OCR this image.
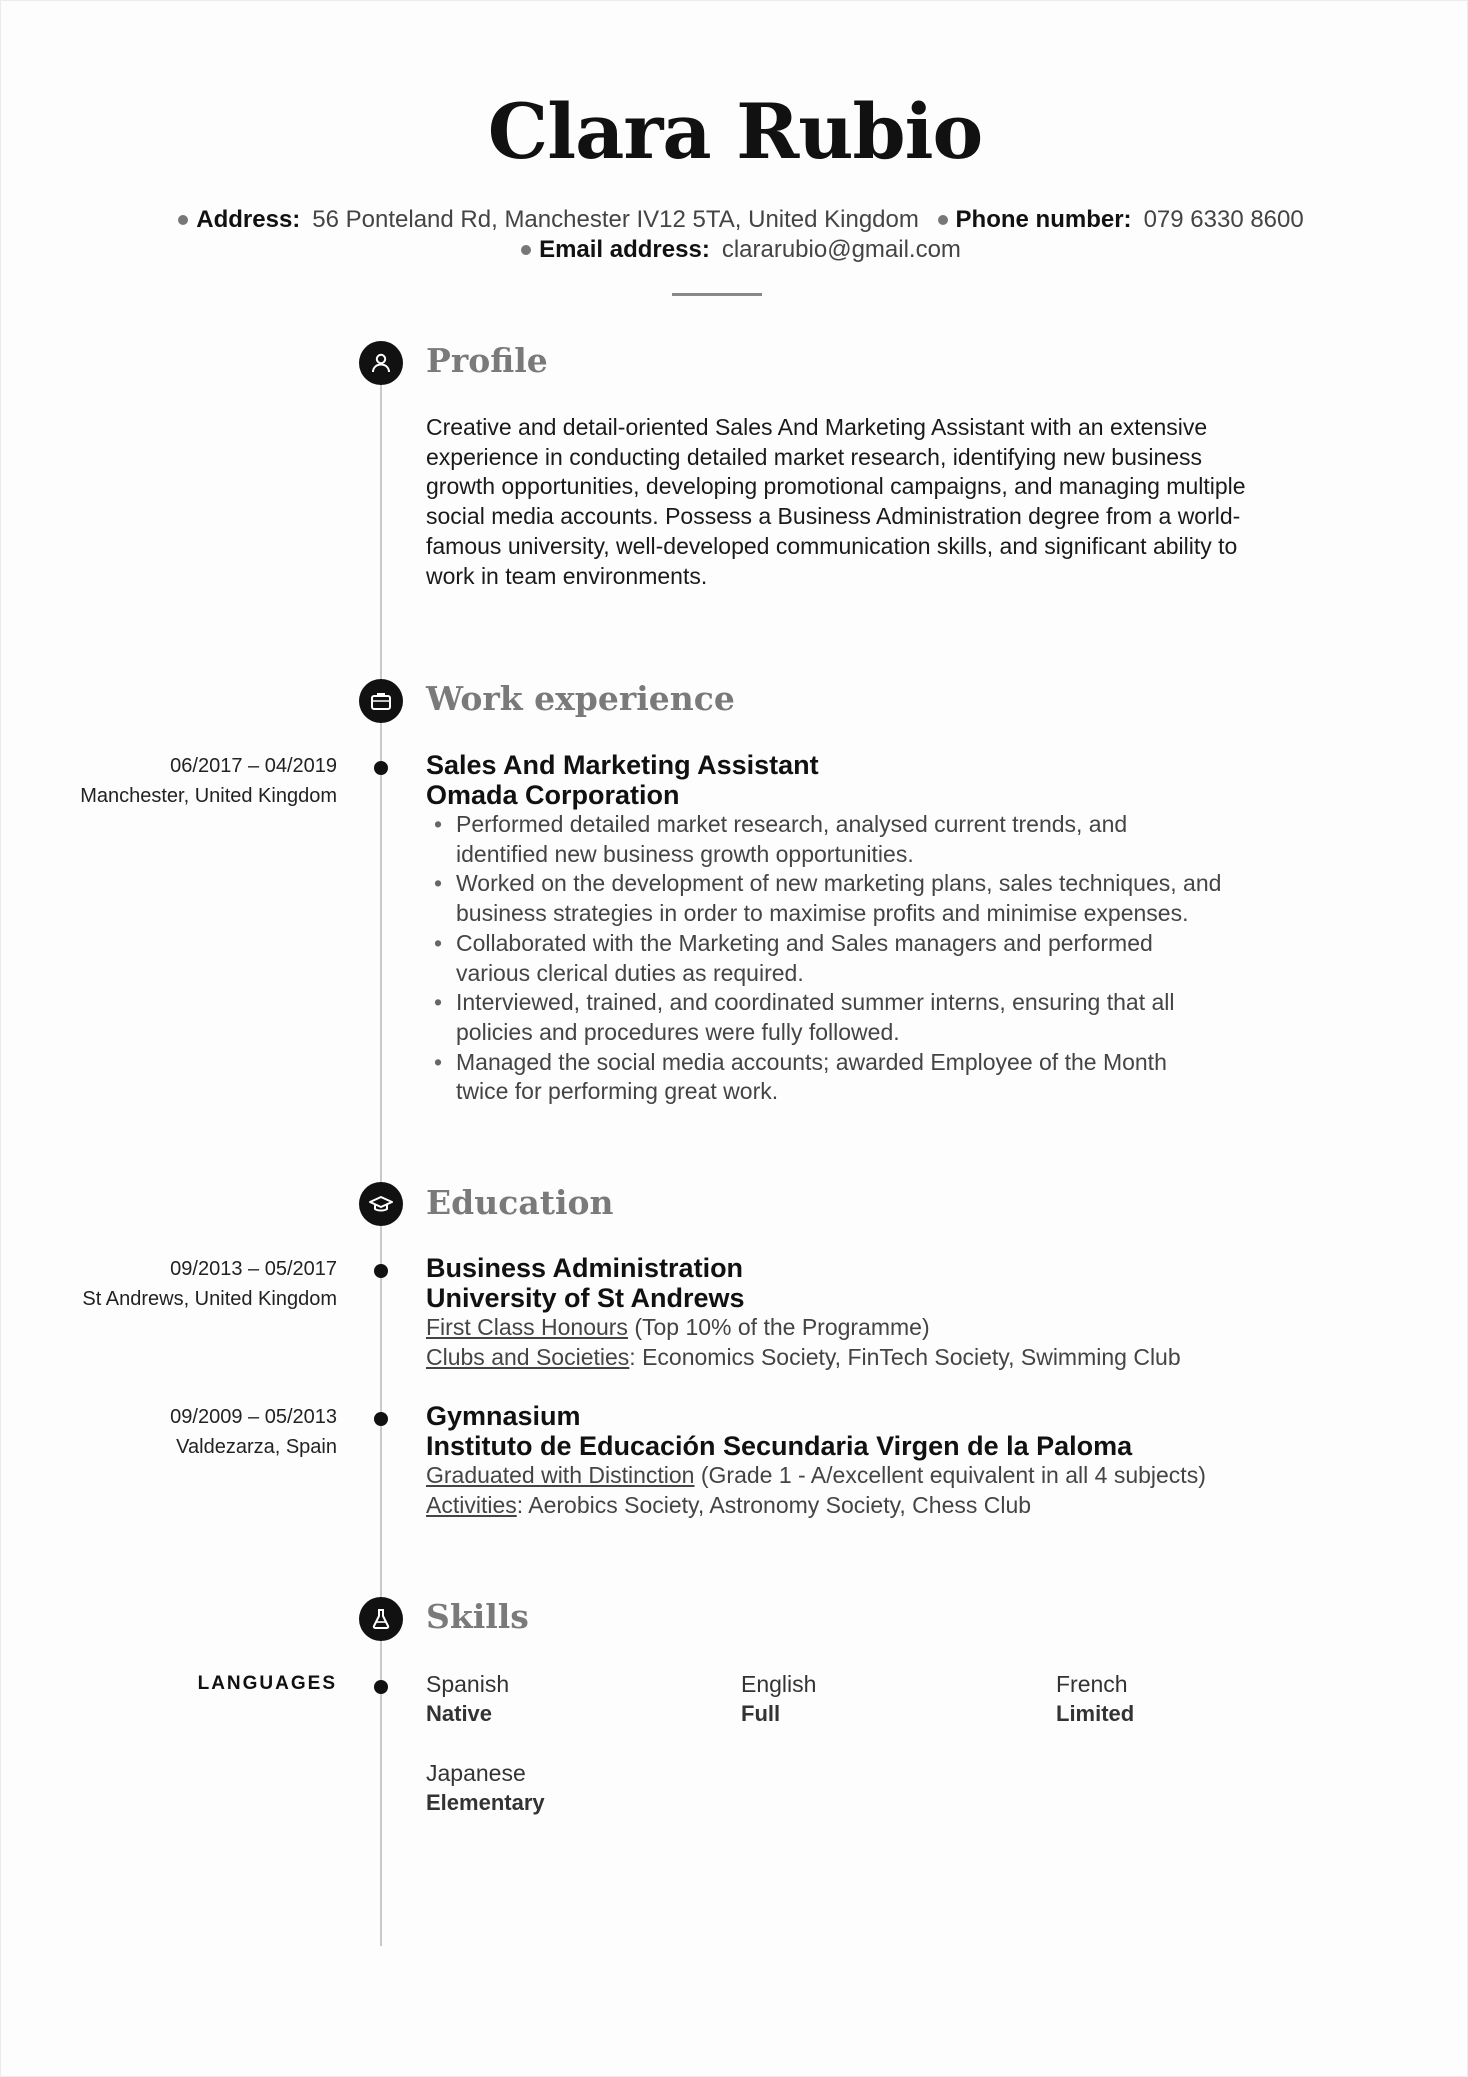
Clara Rubio
Address: 56 Ponteland Rd, Manchester IV12 5TA, United Kingdom Phone number: 079 6330 8600
Email address: clararubio@gmail.com
Profile
Creative and detail-oriented Sales And Marketing Assistant with an extensive
experience in conducting detailed market research, identifying new business
growth opportunities, developing promotional campaigns, and managing multiple
social media accounts. Possess a Business Administration degree from a world-
famous university, well-developed communication skills, and significant ability to
work in team environments.
Work experience
06/2017 – 04/2019
Manchester, United Kingdom
Sales And Marketing Assistant
Omada Corporation
• Performed detailed market research, analysed current trends, and
identified new business growth opportunities.
• Worked on the development of new marketing plans, sales techniques, and
business strategies in order to maximise profits and minimise expenses.
• Collaborated with the Marketing and Sales managers and performed
various clerical duties as required.
• Interviewed, trained, and coordinated summer interns, ensuring that all
policies and procedures were fully followed.
• Managed the social media accounts; awarded Employee of the Month
twice for performing great work.
Education
09/2013 – 05/2017
St Andrews, United Kingdom
Business Administration
University of St Andrews
First Class Honours (Top 10% of the Programme)
Clubs and Societies: Economics Society, FinTech Society, Swimming Club
09/2009 – 05/2013
Valdezarza, Spain
Gymnasium
Instituto de Educación Secundaria Virgen de la Paloma
Graduated with Distinction (Grade 1 - A/excellent equivalent in all 4 subjects)
Activities: Aerobics Society, Astronomy Society, Chess Club
Skills
LANGUAGES	Spanish
Native
English
Full
French
Limited
Japanese
Elementary
